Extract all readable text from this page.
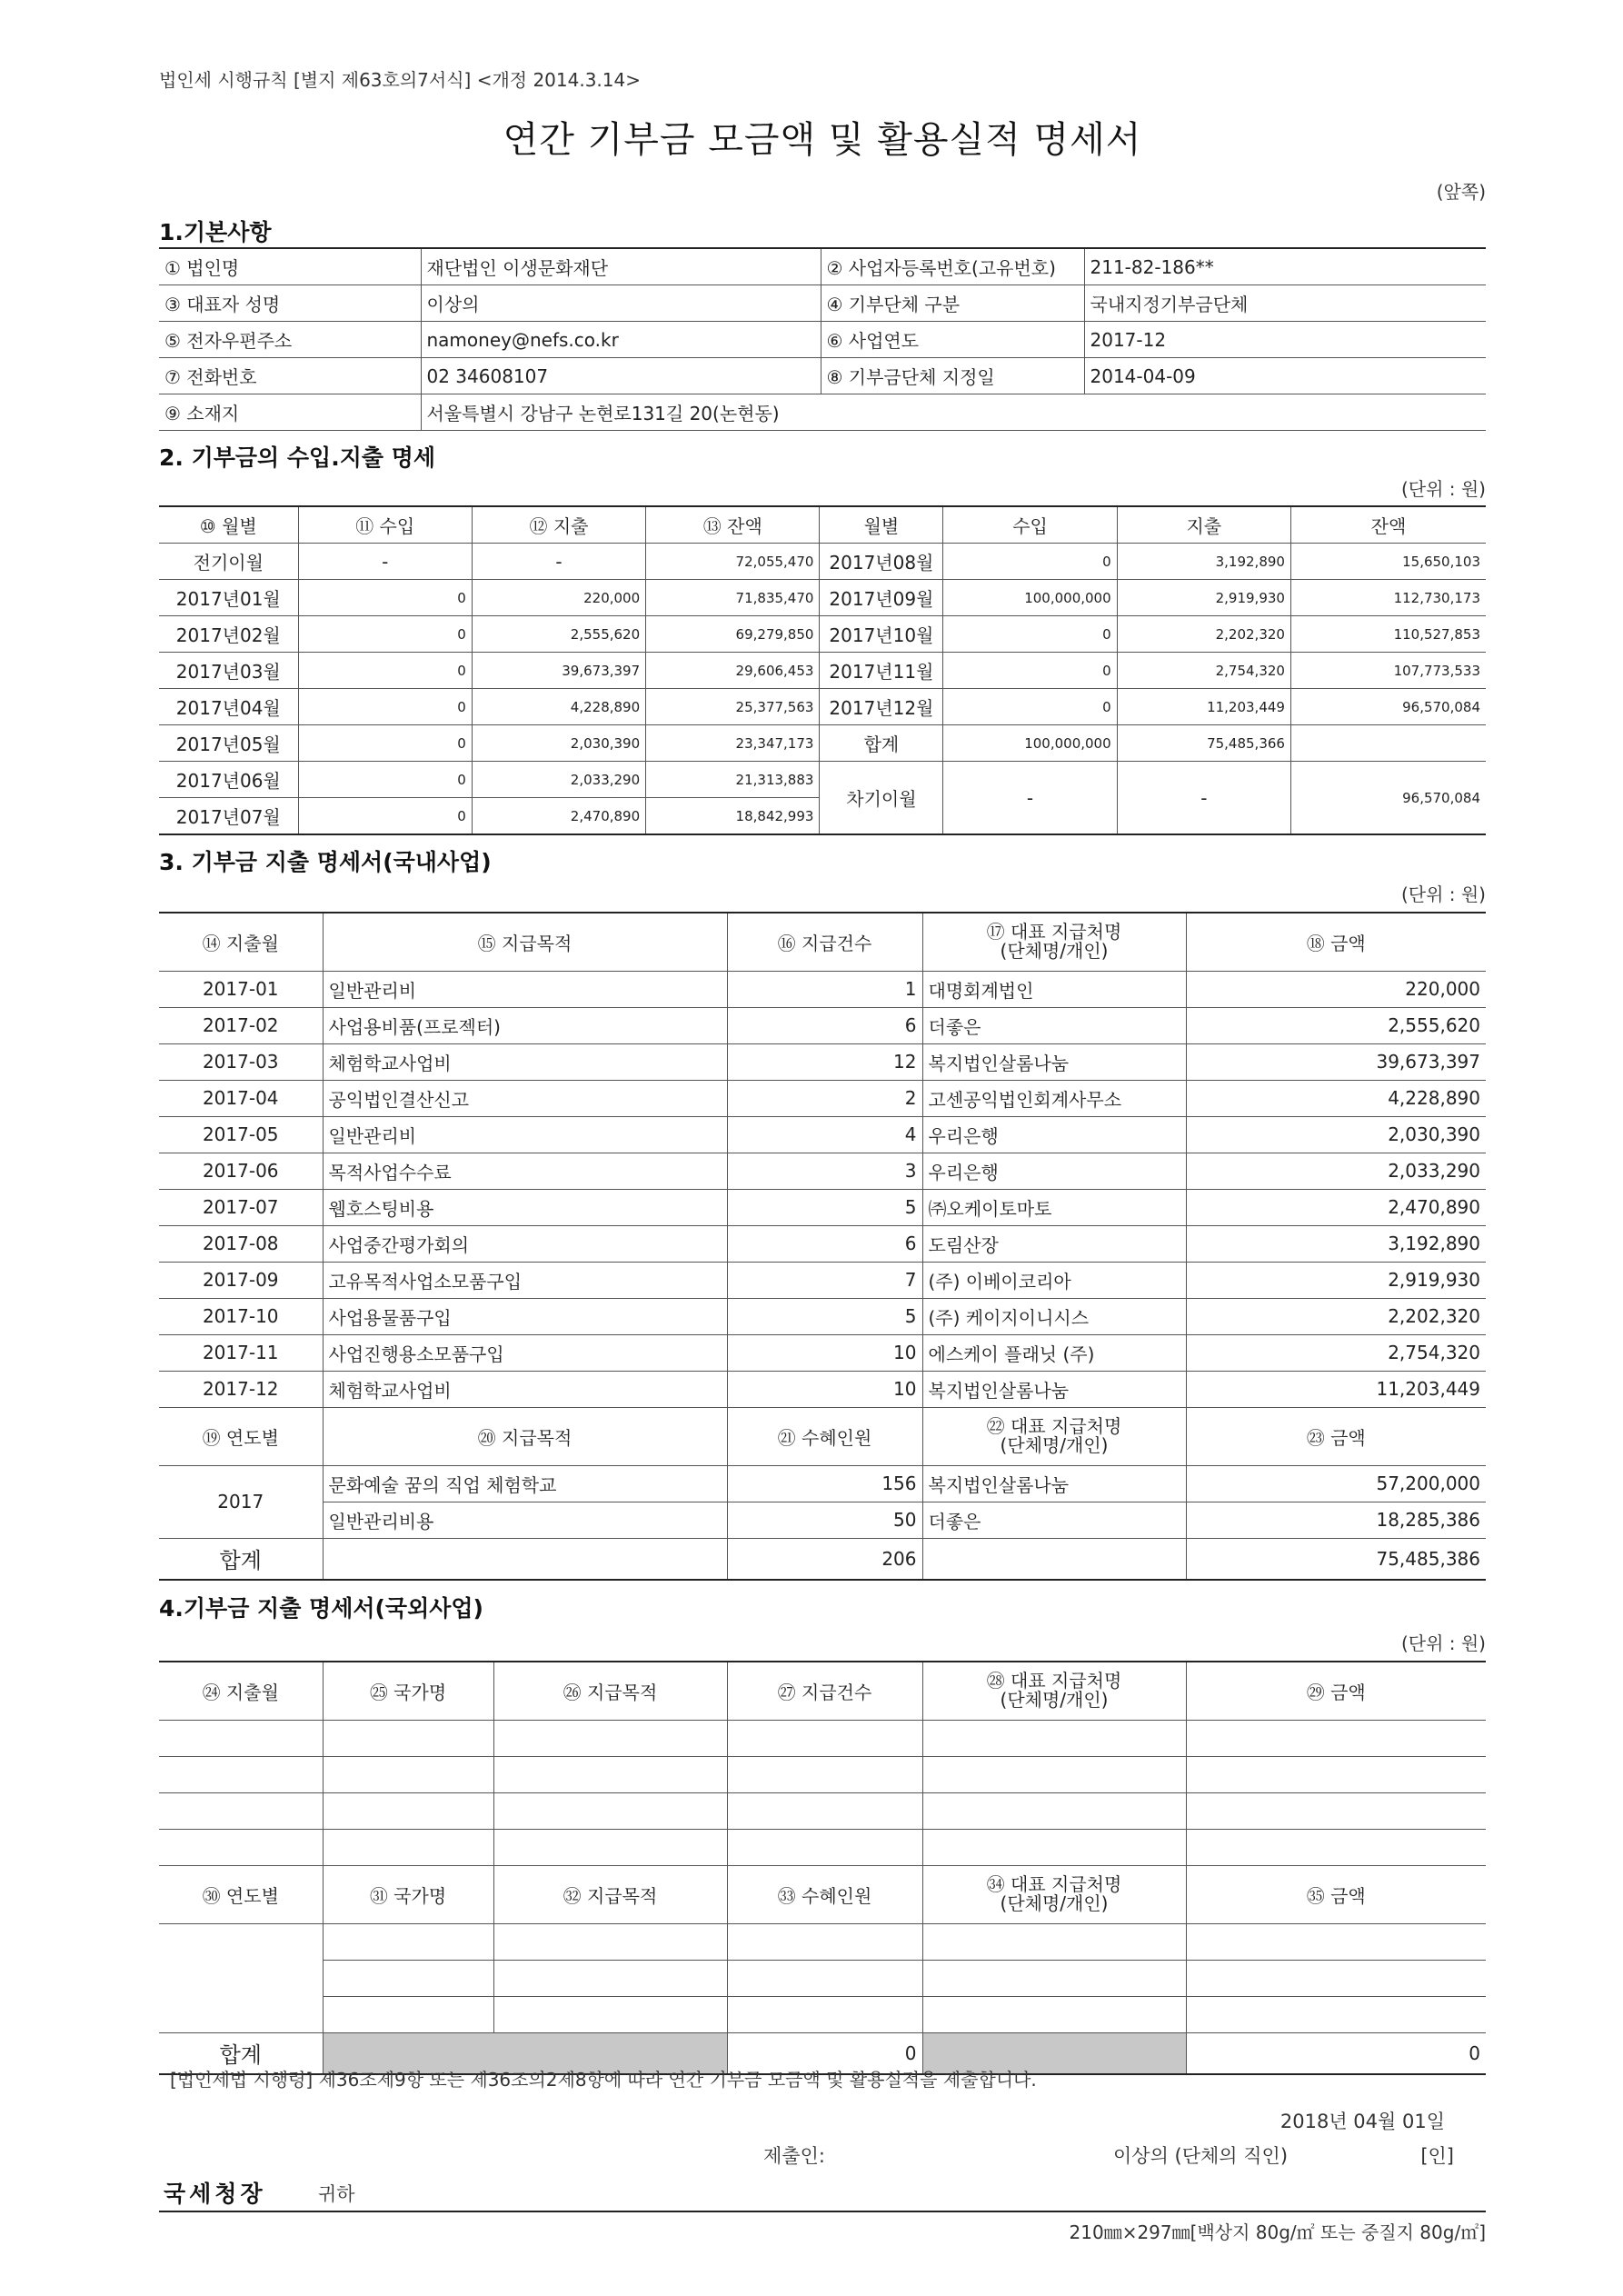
법인세 시행규칙 [별지 제63호의7서식] <개정 2014.3.14>
연간 기부금 모금액 및 활용실적 명세서
(앞쪽)
1.기본사항
① 법인명	재단법인 이생문화재단	② 사업자등록번호(고유번호)	211-82-186**
③ 대표자 성명	이상의	④ 기부단체 구분	국내지정기부금단체
⑤ 전자우편주소	namoney@nefs.co.kr	⑥ 사업연도	2017-12
⑦ 전화번호	02 34608107	⑧ 기부금단체 지정일	2014-04-09
⑨ 소재지	서울특별시 강남구 논현로131길 20(논현동)		
2. 기부금의 수입.지출 명세
(단위 : 원)
⑩ 월별	⑪ 수입	⑫ 지출	⑬ 잔액	월별	수입	지출	잔액
전기이월	-	-	72,055,470	2017년08월	0	3,192,890	15,650,103
2017년01월	0	220,000	71,835,470	2017년09월	100,000,000	2,919,930	112,730,173
2017년02월	0	2,555,620	69,279,850	2017년10월	0	2,202,320	110,527,853
2017년03월	0	39,673,397	29,606,453	2017년11월	0	2,754,320	107,773,533
2017년04월	0	4,228,890	25,377,563	2017년12월	0	11,203,449	96,570,084
2017년05월	0	2,030,390	23,347,173	합계	100,000,000	75,485,366	
2017년06월	0	2,033,290	21,313,883	차기이월	-	-	96,570,084
2017년07월	0	2,470,890	18,842,993				
3. 기부금 지출 명세서(국내사업)
(단위 : 원)
⑭ 지출월	⑮ 지급목적	⑯ 지급건수	⑰ 대표 지급처명
(단체명/개인)	⑱ 금액
2017-01	일반관리비	1	대명회계법인	220,000
2017-02	사업용비품(프로젝터)	6	더좋은	2,555,620
2017-03	체험학교사업비	12	복지법인살롬나눔	39,673,397
2017-04	공익법인결산신고	2	고센공익법인회계사무소	4,228,890
2017-05	일반관리비	4	우리은행	2,030,390
2017-06	목적사업수수료	3	우리은행	2,033,290
2017-07	웹호스팅비용	5	㈜오케이토마토	2,470,890
2017-08	사업중간평가회의	6	도림산장	3,192,890
2017-09	고유목적사업소모품구입	7	(주) 이베이코리아	2,919,930
2017-10	사업용물품구입	5	(주) 케이지이니시스	2,202,320
2017-11	사업진행용소모품구입	10	에스케이 플래닛 (주)	2,754,320
2017-12	체험학교사업비	10	복지법인살롬나눔	11,203,449
⑲ 연도별	⑳ 지급목적	㉑ 수혜인원	㉒ 대표 지급처명
(단체명/개인)	㉓ 금액
2017	문화예술 꿈의 직업 체험학교	156	복지법인살롬나눔	57,200,000
	일반관리비용	50	더좋은	18,285,386
합계		206		75,485,386
4.기부금 지출 명세서(국외사업)
(단위 : 원)
㉔ 지출월	㉕ 국가명	㉖ 지급목적	㉗ 지급건수	㉘ 대표 지급처명
(단체명/개인)	㉙ 금액

㉚ 연도별	㉛ 국가명	㉜ 지급목적	㉝ 수혜인원	㉞ 대표 지급처명
(단체명/개인)	㉟ 금액

합계			0		0
[법인세법 시행령] 제36조제9항 또는 제36조의2제8항에 따라 연간 기부금 모금액 및 활용실적을 제출합니다.
2018년 04월 01일
제출인:	이상의 (단체의 직인)	[인]
국세청장	귀하
210㎜×297㎜[백상지 80g/㎡ 또는 중질지 80g/㎡]
